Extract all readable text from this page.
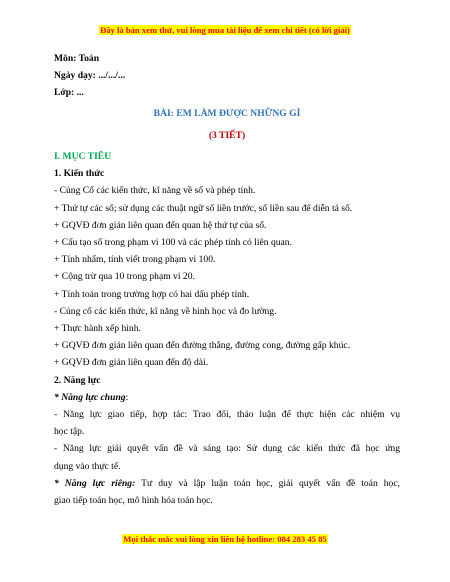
Đây là bản xem thử, vui lòng mua tài liệu để xem chi tiết (có lời giải)
Môn: Toán
Ngày dạy: .../.../...
Lớp: ...
BÀI: EM LÀM ĐƯỢC NHỮNG GÌ
(3 TIẾT)
I. MỤC TIÊU
1. Kiến thức
- Củng Cố các kiến thức, kĩ năng về số và phép tính.
+ Thứ tự các số; sử dụng các thuật ngữ số liền trước, số liền sau để diễn tả số.
+ GQVĐ đơn giản liên quan đến quan hệ thứ tự của số.
+ Cấu tạo số trong phạm vi 100 và các phép tính có liên quan.
+ Tính nhẩm, tính viết trong phạm vi 100.
+ Cộng trừ qua 10 trong phạm vi 20.
+ Tính toán trong trường hợp có hai dấu phép tính.
- Củng cố các kiến thức, kĩ năng về hình học và đo lường.
+ Thực hành xếp hình.
+ GQVĐ đơn giản liên quan đến đường thẳng, đường cong, đường gấp khúc.
+ GQVĐ đơn giản liên quan đến độ dài.
2. Năng lực
* Năng lực chung:
- Năng lực giao tiếp, hợp tác: Trao đổi, thảo luận để thực hiện các nhiệm vụ
học tập.
- Năng lực giải quyết vấn đề và sáng tạo: Sử dụng các kiến thức đã học ứng
dụng vào thực tế.
* Năng lực riêng: Tư duy và lập luận toán học, giải quyết vấn đề toán học,
giao tiếp toán học, mô hình hóa toán học.
Mọi thắc mắc vui lòng xin liên hệ hotline: 084 283 45 85
